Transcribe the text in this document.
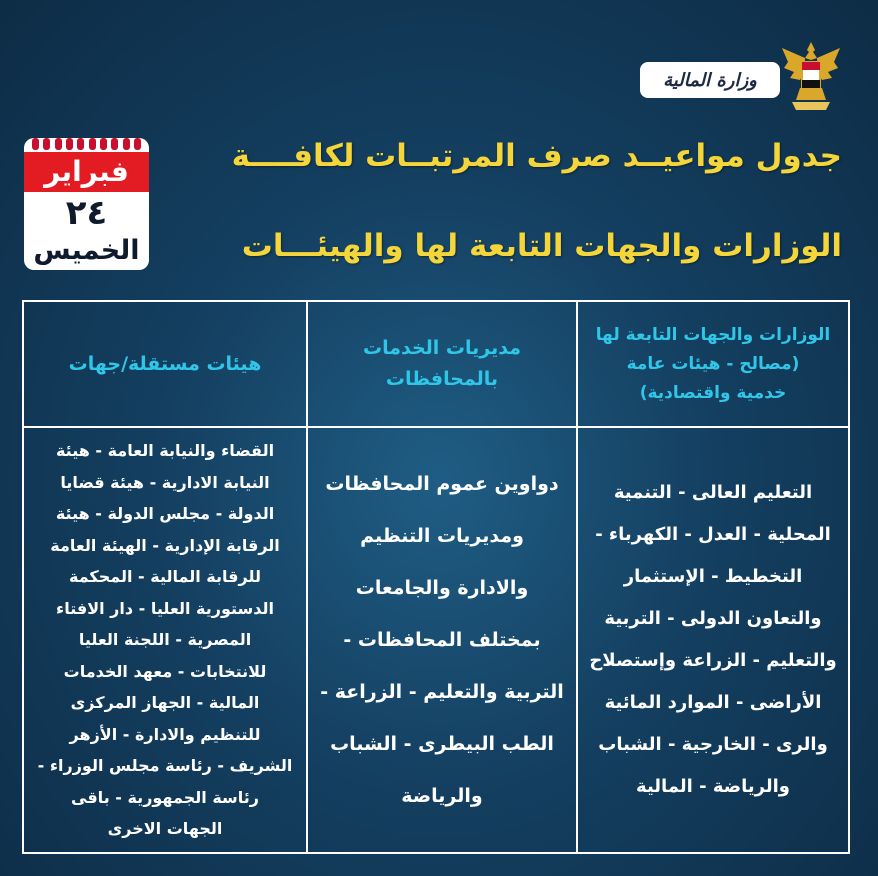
وزارة المالية
فبراير
٢٤
الخميس
جدول مواعيــد صرف المرتبــات لكافــــة
الوزارات والجهات التابعة لها والهيئـــات
الوزارات والجهات التابعة لها
(مصالح - هيئات عامة
خدمية واقتصادية)
مديريات الخدمات
بالمحافظات
هيئات مستقلة/جهات
التعليم العالى - التنمية
المحلية - العدل - الكهرباء -
التخطيط - الإستثمار
والتعاون الدولى - التربية
والتعليم - الزراعة وإستصلاح
الأراضى - الموارد المائية
والرى - الخارجية - الشباب
والرياضة - المالية
دواوين عموم المحافظات
ومديريات التنظيم
والادارة والجامعات
بمختلف المحافظات -
التربية والتعليم - الزراعة -
الطب البيطرى - الشباب
والرياضة
القضاء والنيابة العامة - هيئة
النيابة الادارية - هيئة قضايا
الدولة - مجلس الدولة - هيئة
الرقابة الإدارية - الهيئة العامة
للرقابة المالية - المحكمة
الدستورية العليا - دار الافتاء
المصرية - اللجنة العليا
للانتخابات - معهد الخدمات
المالية - الجهاز المركزى
للتنظيم والادارة - الأزهر
الشريف - رئاسة مجلس الوزراء -
رئاسة الجمهورية - باقى
الجهات الاخرى
